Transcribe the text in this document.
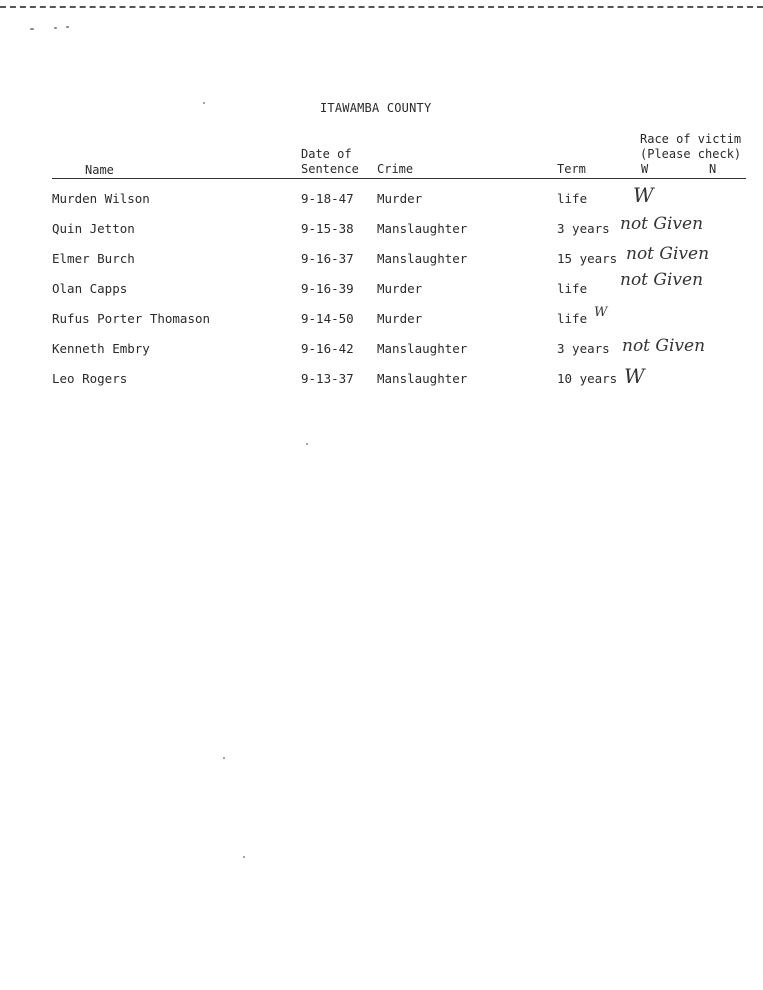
ITAWAMBA COUNTY
Name
Date of
Sentence Crime	Term
Race of victim
(Please check)
W	N
Murden Wilson	9-18-47 Murder	life W
Quin Jetton	9-15-38 Manslaughter	3 years not Given
Elmer Burch	9-16-37 Manslaughter	15 years not Given
Olan Capps	9-16-39 Murder	life not Given
Rufus Porter Thomason	9-14-50 Murder	life W
Kenneth Embry	9-16-42 Manslaughter	3 years not Given
Leo Rogers	9-13-37 Manslaughter	10 years W
